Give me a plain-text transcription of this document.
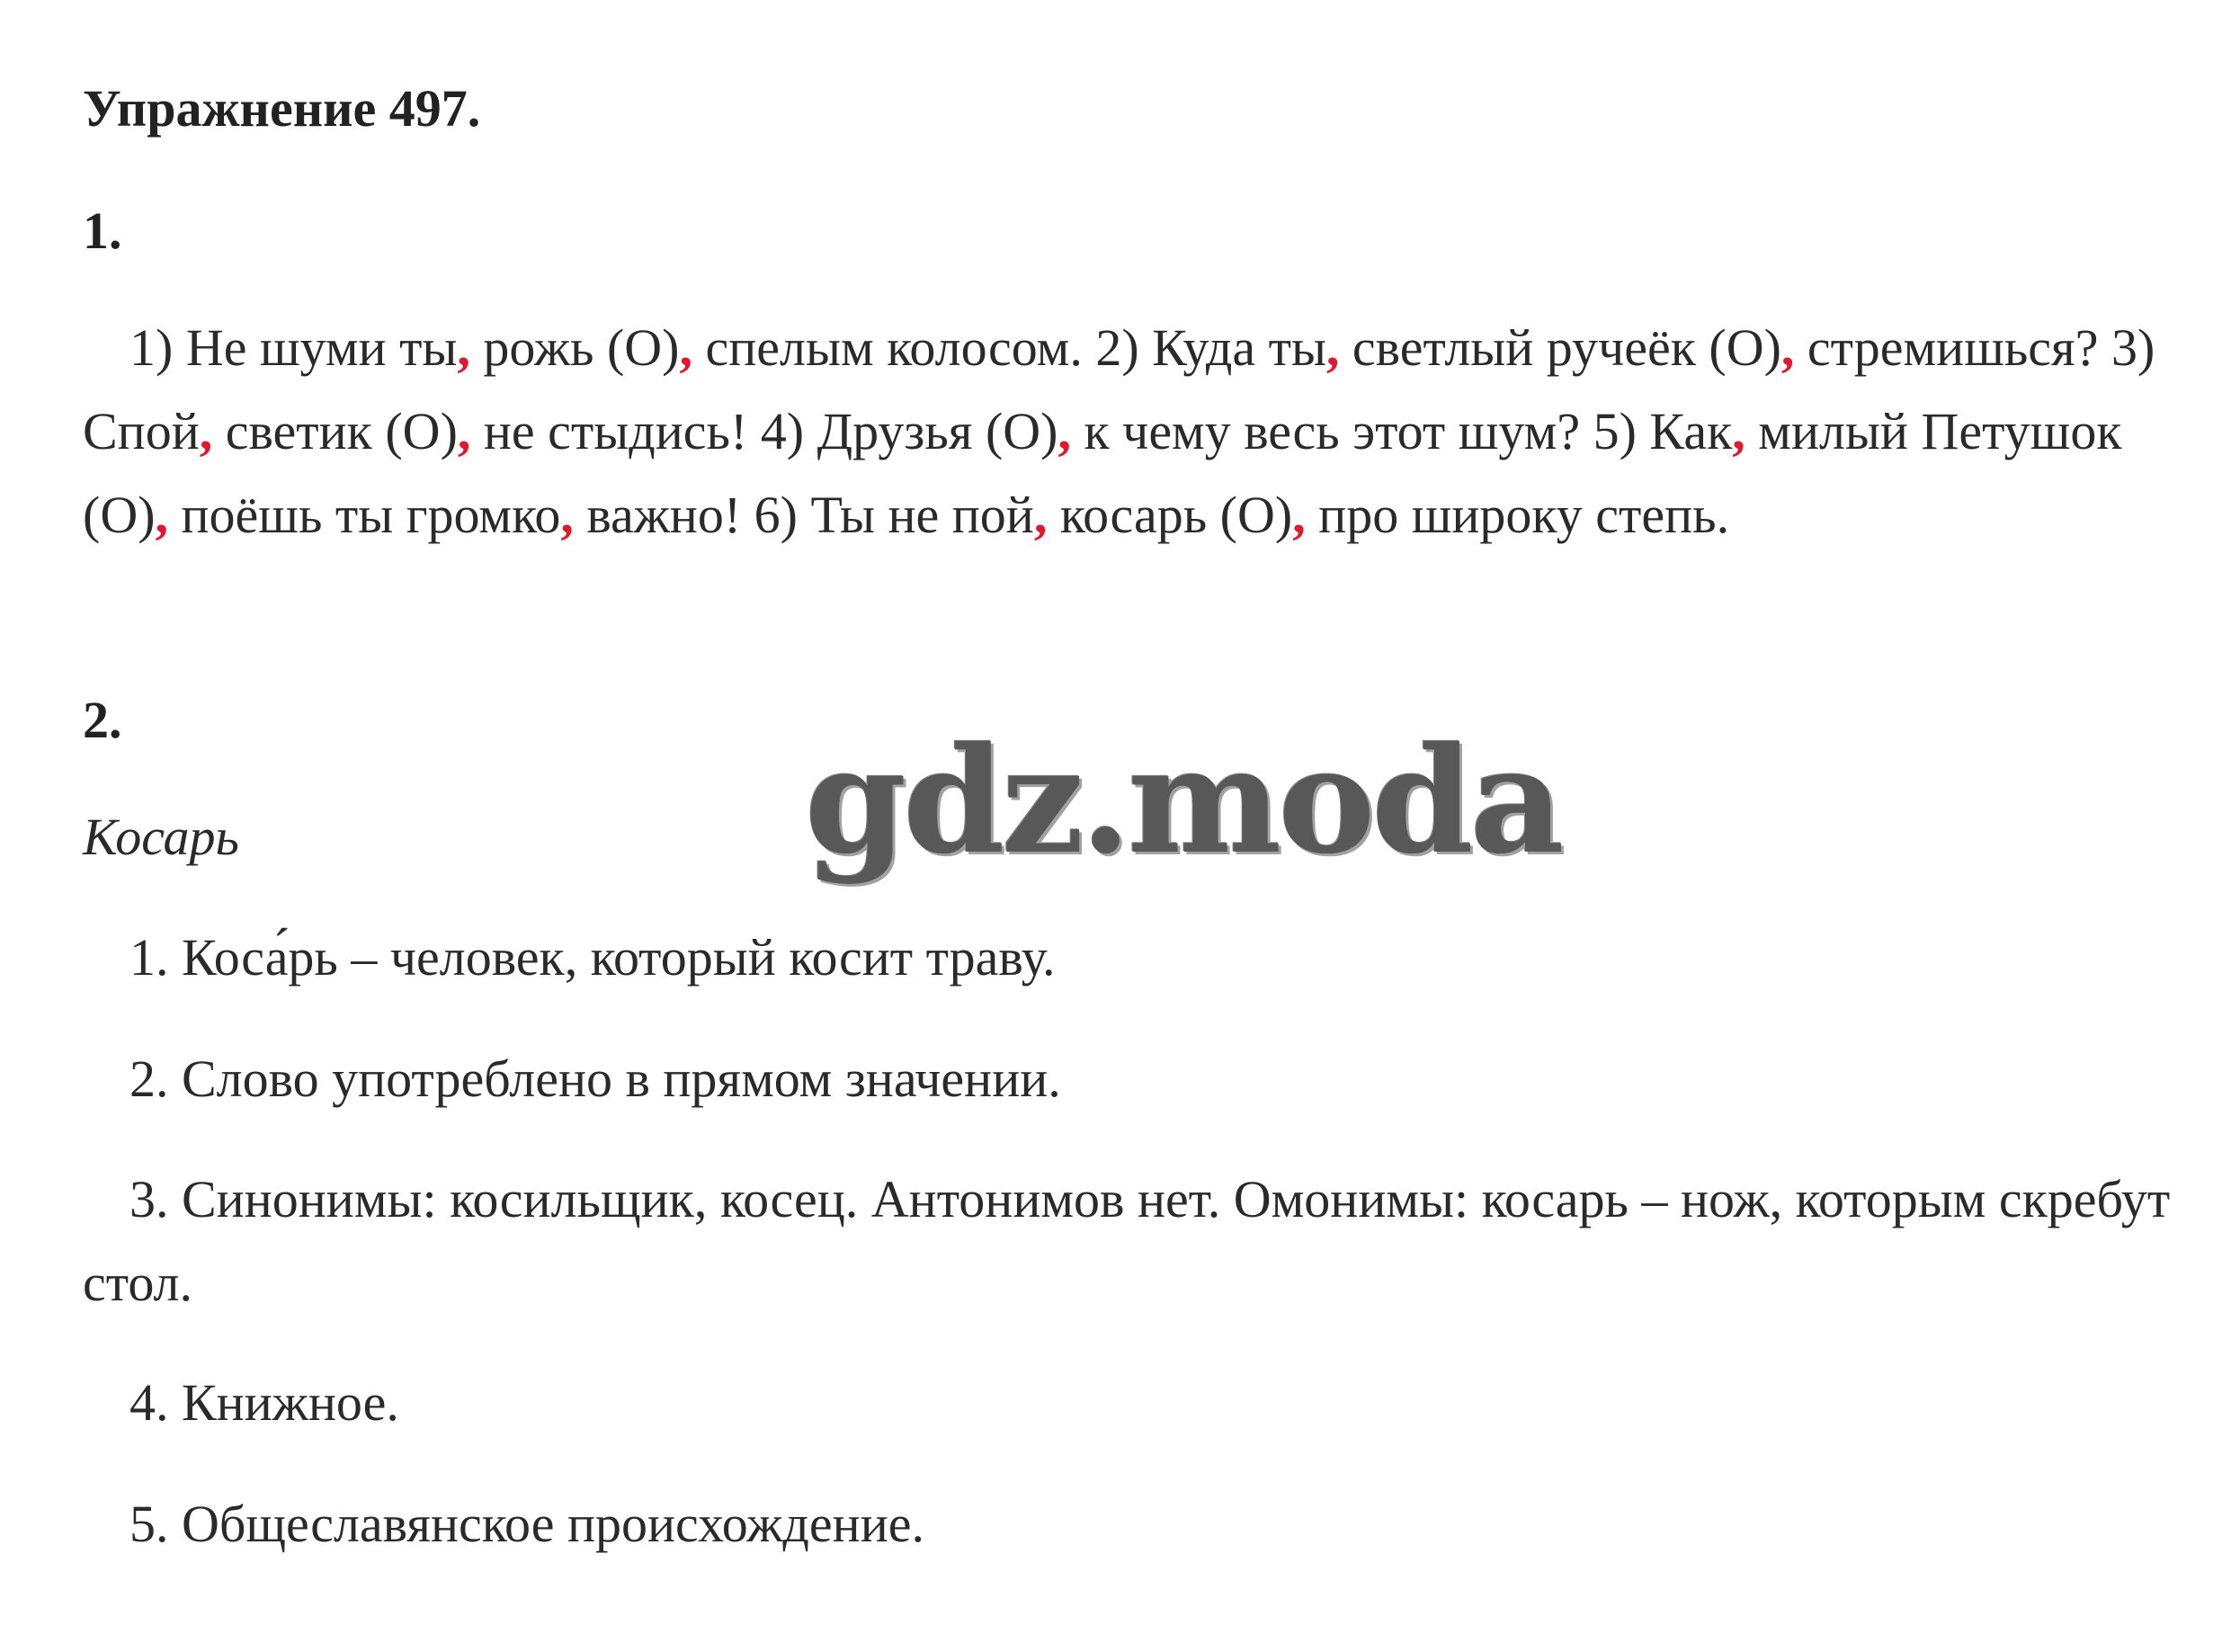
Упражнение 497.
1.

1) Не шуми ты, рожь (О), спелым колосом. 2) Куда ты, светлый ручеёк (О), стремишься? 3) Спой, светик (О), не стыдись! 4) Друзья (О), к чему весь этот шум? 5) Как, милый Петушок (О), поёшь ты громко, важно! 6) Ты не пой, косарь (О), про широку степь.

2.
Косарь	gdz.moda

1. Коса́рь – человек, который косит траву.

2. Слово употреблено в прямом значении.

3. Синонимы: косильщик, косец. Антонимов нет. Омонимы: косарь – нож, которым скребут стол.

4. Книжное.

5. Общеславянское происхождение.
